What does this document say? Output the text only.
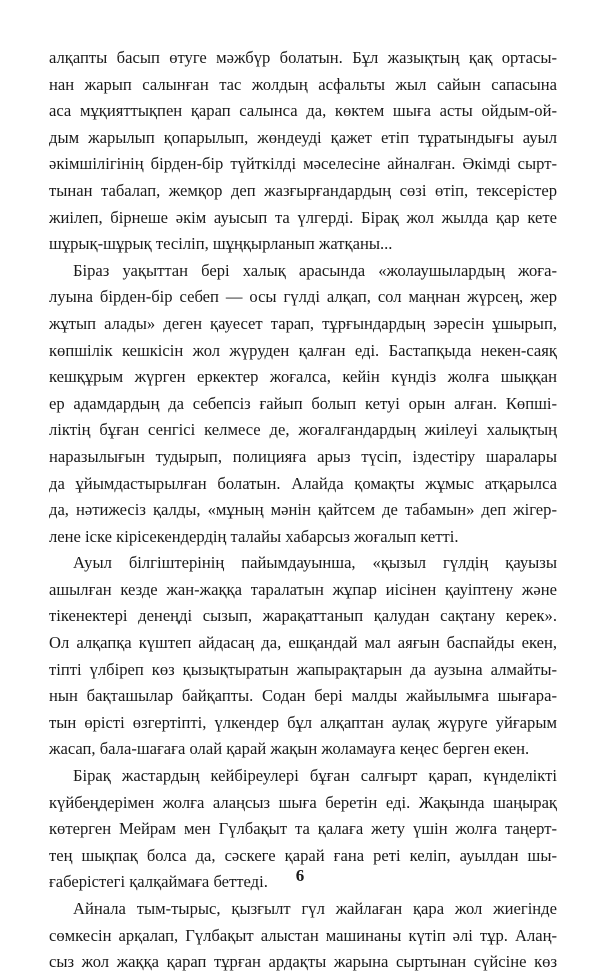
алқапты басып өтуге мәжбүр болатын. Бұл жазықтың қақ ортасы-
нан жарып салынған тас жолдың асфальты жыл сайын сапасына
аса мұқияттықпен қарап салынса да, көктем шыға асты ойдым-ой-
дым жарылып қопарылып, жөндеуді қажет етіп тұратындығы ауыл
әкімшілігінің бірден-бір түйткілді мәселесіне айналған. Әкімді сырт-
тынан табалап, жемқор деп жазғырғандардың сөзі өтіп, тексерістер
жиілеп, бірнеше әкім ауысып та үлгерді. Бірақ жол жылда қар кете
шұрық-шұрық тесіліп, шұңқырланып жатқаны...
Біраз уақыттан бері халық арасында «жолаушылардың жоға-
луына бірден-бір себеп — осы гүлді алқап, сол маңнан жүрсең, жер
жұтып алады» деген қауесет тарап, тұрғындардың зәресін ұшырып,
көпшілік кешкісін жол жүруден қалған еді. Бастапқыда некен-саяқ
кешқұрым жүрген еркектер жоғалса, кейін күндіз жолға шыққан
ер адамдардың да себепсіз ғайып болып кетуі орын алған. Көпші-
ліктің бұған сенгісі келмесе де, жоғалғандардың жиілеуі халықтың
наразылығын тудырып, полицияға арыз түсіп, іздестіру шаралары
да ұйымдастырылған болатын. Алайда қомақты жұмыс атқарылса
да, нәтижесіз қалды, «мұның мәнін қайтсем де табамын» деп жігер-
лене іске кірісекендердің талайы хабарсыз жоғалып кетті.
Ауыл білгіштерінің пайымдауынша, «қызыл гүлдің қауызы
ашылған кезде жан-жаққа таралатын жұпар иісінен қауіптену және
тікенектері денеңді сызып, жарақаттанып қалудан сақтану керек».
Ол алқапқа күштеп айдасаң да, ешқандай мал аяғын баспайды екен,
тіпті үлбіреп көз қызықтыратын жапырақтарын да аузына алмайты-
нын бақташылар байқапты. Содан бері малды жайылымға шығара-
тын өрісті өзгертіпті, үлкендер бұл алқаптан аулақ жүруге уйғарым
жасап, бала-шағаға олай қарай жақын жоламауға кеңес берген екен.
Бірақ жастардың кейбіреулері бұған салғырт қарап, күнделікті
күйбеңдерімен жолға алаңсыз шыға беретін еді. Жақында шаңырақ
көтерген Мейрам мен Гүлбақыт та қалаға жету үшін жолға таңерт-
тең шықпақ болса да, сәскеге қарай ғана реті келіп, ауылдан шы-
ғаберістегі қалқаймаға беттеді.
Айнала тым-тырыс, қызғылт гүл жайлаған қара жол жиегінде
сөмкесін арқалап, Гүлбақыт алыстан машинаны күтіп әлі тұр. Алаң-
сыз жол жаққа қарап тұрған ардақты жарына сыртынан сүйсіне көз
6
